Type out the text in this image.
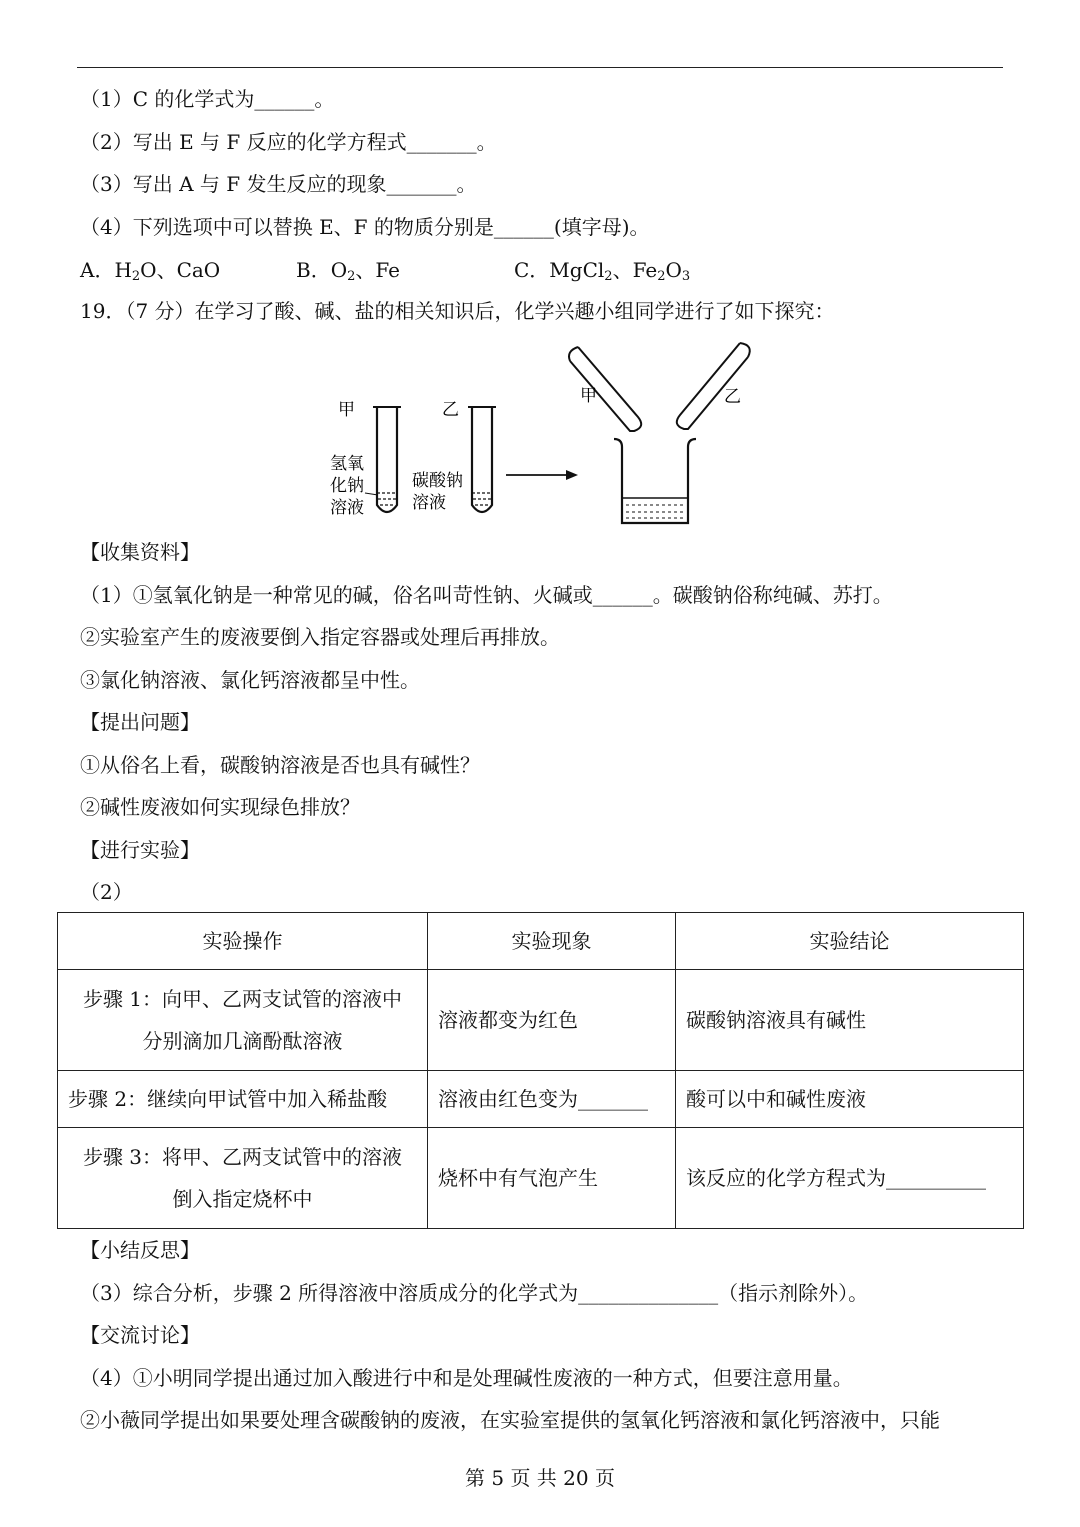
（1）C 的化学式为______。
（2）写出 E 与 F 反应的化学方程式_______。
（3）写出 A 与 F 发生反应的现象_______。
（4）下列选项中可以替换 E、F 的物质分别是______(填字母)。
A．$H_2O$、CaO	B．$O_2$、Fe	C．MgCl$_2$、$Fe_2O_3$
19．（7 分）在学习了酸、碱、盐的相关知识后，化学兴趣小组同学进行了如下探究：
甲	乙
氢氧
化钠
溶液
碳酸钠
溶液
甲	乙
【收集资料】
（1）①氢氧化钠是一种常见的碱，俗名叫苛性钠、火碱或______。碳酸钠俗称纯碱、苏打。
②实验室产生的废液要倒入指定容器或处理后再排放。
③氯化钠溶液、氯化钙溶液都呈中性。
【提出问题】
①从俗名上看，碳酸钠溶液是否也具有碱性？
②碱性废液如何实现绿色排放？
【进行实验】
（2）
实验操作	实验现象	实验结论

步骤 1：向甲、乙两支试管的溶液中
分别滴加几滴酚酞溶液	溶液都变为红色	碳酸钠溶液具有碱性
步骤 2：继续向甲试管中加入稀盐酸	溶液由红色变为_______	酸可以中和碱性废液

步骤 3：将甲、乙两支试管中的溶液
倒入指定烧杯中	烧杯中有气泡产生	该反应的化学方程式为__________
【小结反思】
（3）综合分析，步骤 2 所得溶液中溶质成分的化学式为______________（指示剂除外）。
【交流讨论】
（4）①小明同学提出通过加入酸进行中和是处理碱性废液的一种方式，但要注意用量。
②小薇同学提出如果要处理含碳酸钠的废液，在实验室提供的氢氧化钙溶液和氯化钙溶液中，只能
第 5 页 共 20 页
